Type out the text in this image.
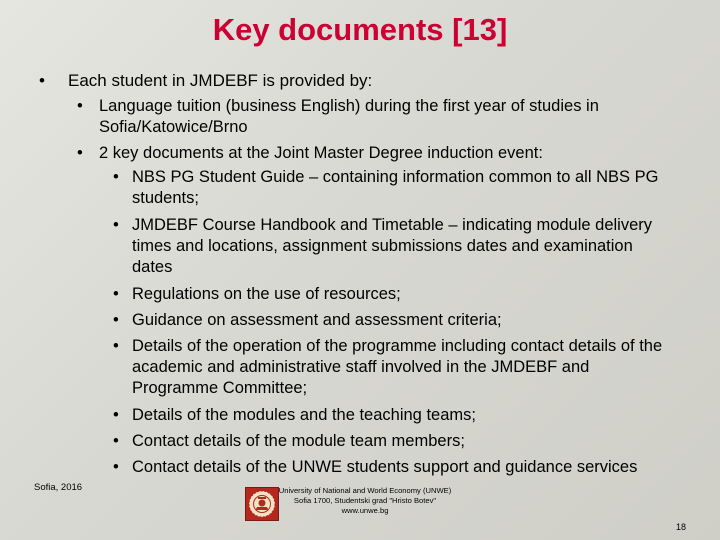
Key documents [13]
• Each student in JMDEBF is provided by:
• Language tuition (business English) during the first year of studies in
Sofia/Katowice/Brno
• 2 key documents at the Joint Master Degree induction event:
• NBS PG Student Guide – containing information common to all NBS PG
students;
• JMDEBF Course Handbook and Timetable – indicating module delivery
times and locations, assignment submissions dates and examination
dates
• Regulations on the use of resources;
• Guidance on assessment and assessment criteria;
• Details of the operation of the programme including contact details of the
academic and administrative staff involved in the JMDEBF and
Programme Committee;
• Details of the modules and the teaching teams;
• Contact details of the module team members;
• Contact details of the UNWE students support and guidance services
Sofia, 2016	University of National and World Economy (UNWE)
Sofia 1700, Studentski grad "Hristo Botev"
www.unwe.bg
18
